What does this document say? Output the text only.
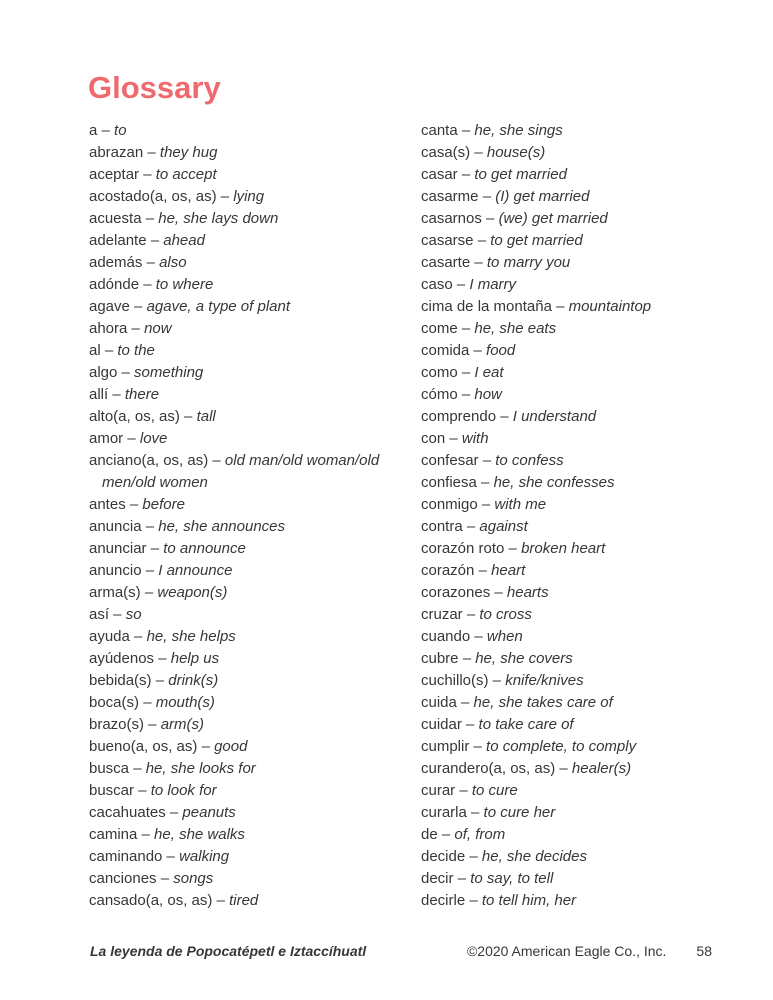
Glossary
a – to
abrazan – they hug
aceptar – to accept
acostado(a, os, as) – lying
acuesta – he, she lays down
adelante – ahead
además – also
adónde – to where
agave – agave, a type of plant
ahora – now
al – to the
algo – something
allí – there
alto(a, os, as) – tall
amor – love
anciano(a, os, as) – old man/old woman/old men/old women
antes – before
anuncia – he, she announces
anunciar – to announce
anuncio – I announce
arma(s) – weapon(s)
así – so
ayuda – he, she helps
ayúdenos – help us
bebida(s) – drink(s)
boca(s) – mouth(s)
brazo(s) – arm(s)
bueno(a, os, as) – good
busca – he, she looks for
buscar – to look for
cacahuates – peanuts
camina – he, she walks
caminando – walking
canciones – songs
cansado(a, os, as) – tired
canta – he, she sings
casa(s) – house(s)
casar – to get married
casarme – (I) get married
casarnos – (we) get married
casarse – to get married
casarte – to marry you
caso – I marry
cima de la montaña – mountaintop
come – he, she eats
comida – food
como – I eat
cómo – how
comprendo – I understand
con – with
confesar – to confess
confiesa – he, she confesses
conmigo – with me
contra – against
corazón roto – broken heart
corazón – heart
corazones – hearts
cruzar – to cross
cuando – when
cubre – he, she covers
cuchillo(s) – knife/knives
cuida – he, she takes care of
cuidar – to take care of
cumplir – to complete, to comply
curandero(a, os, as) – healer(s)
curar – to cure
curarla – to cure her
de – of, from
decide – he, she decides
decir – to say, to tell
decirle – to tell him, her
La leyenda de Popocatépetl e Iztaccíhuatl	©2020 American Eagle Co., Inc. 58
